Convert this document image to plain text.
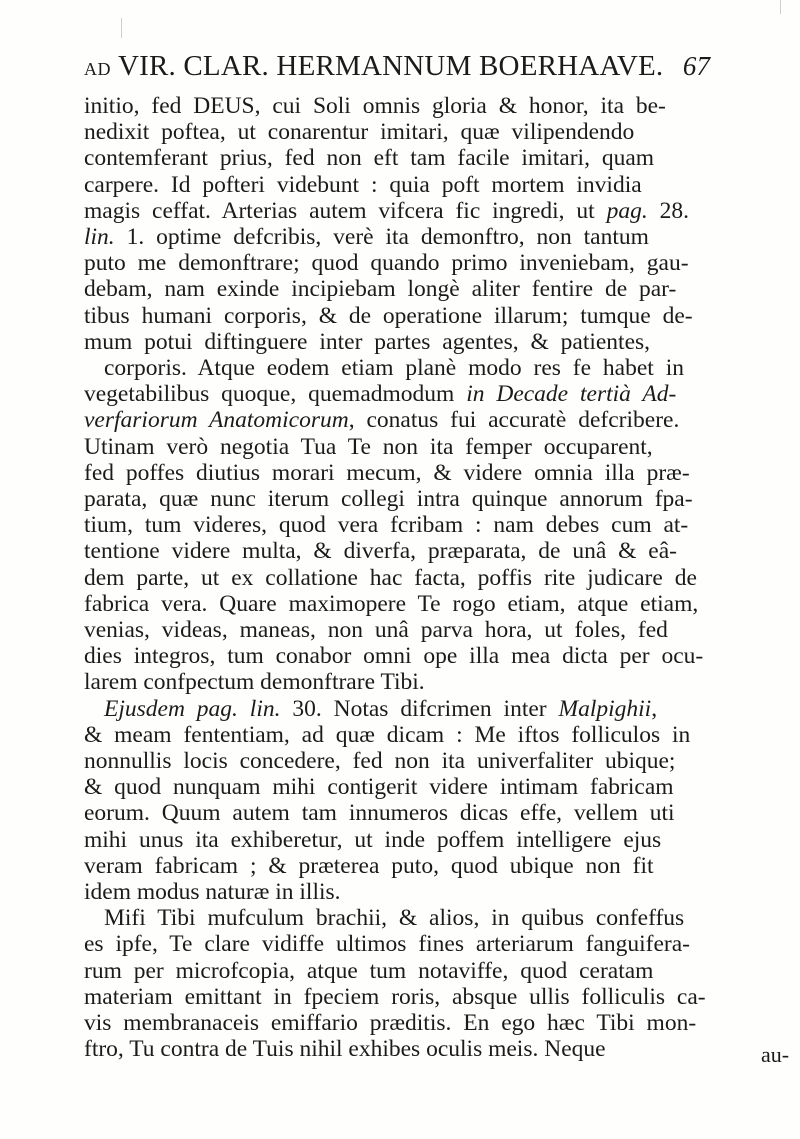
AD VIR. CLAR. HERMANNUM BOERHAAVE. 67
initio, fed DEUS, cui Soli omnis gloria & honor, ita be-
nedixit poftea, ut conarentur imitari, quæ vilipendendo
contemferant prius, fed non eft tam facile imitari, quam
carpere. Id pofteri videbunt : quia poft mortem invidia
magis ceffat. Arterias autem vifcera fic ingredi, ut pag. 28.
lin. 1. optime defcribis, verè ita demonftro, non tantum
puto me demonftrare; quod quando primo inveniebam, gau-
debam, nam exinde incipiebam longè aliter fentire de par-
tibus humani corporis, & de operatione illarum; tumque de-
mum potui diftinguere inter partes agentes, & patientes,
corporis. Atque eodem etiam planè modo res fe habet in
vegetabilibus quoque, quemadmodum in Decade tertià Ad-
verfariorum Anatomicorum, conatus fui accuratè defcribere.
Utinam verò negotia Tua Te non ita femper occuparent,
fed poffes diutius morari mecum, & videre omnia illa præ-
parata, quæ nunc iterum collegi intra quinque annorum fpa-
tium, tum videres, quod vera fcribam : nam debes cum at-
tentione videre multa, & diverfa, præparata, de unâ & eâ-
dem parte, ut ex collatione hac facta, poffis rite judicare de
fabrica vera. Quare maximopere Te rogo etiam, atque etiam,
venias, videas, maneas, non unâ parva hora, ut foles, fed
dies integros, tum conabor omni ope illa mea dicta per ocu-
larem confpectum demonftrare Tibi.
Ejusdem pag. lin. 30. Notas difcrimen inter Malpighii,
& meam fententiam, ad quæ dicam : Me iftos folliculos in
nonnullis locis concedere, fed non ita univerfaliter ubique;
& quod nunquam mihi contigerit videre intimam fabricam
eorum. Quum autem tam innumeros dicas effe, vellem uti
mihi unus ita exhiberetur, ut inde poffem intelligere ejus
veram fabricam ; & præterea puto, quod ubique non fit
idem modus naturæ in illis.
Mifi Tibi mufculum brachii, & alios, in quibus confeffus
es ipfe, Te clare vidiffe ultimos fines arteriarum fanguifera-
rum per microfcopia, atque tum notaviffe, quod ceratam
materiam emittant in fpeciem roris, absque ullis folliculis ca-
vis membranaceis emiffario præditis. En ego hæc Tibi mon-
ftro, Tu contra de Tuis nihil exhibes oculis meis. Neque	au-
